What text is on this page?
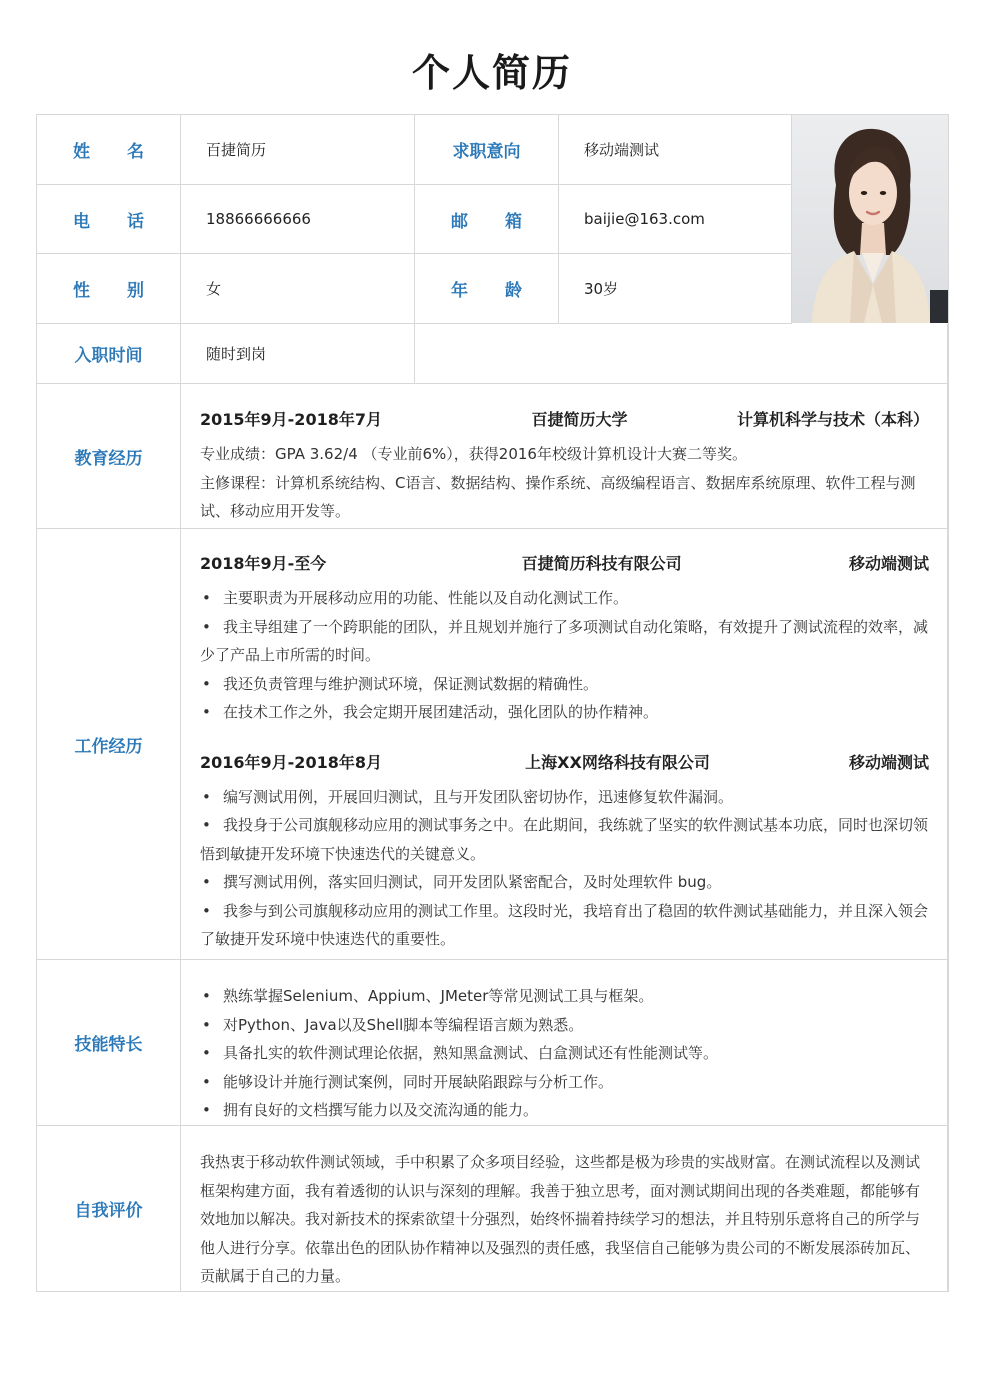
个人简历
姓 名	百捷简历	求职意向	移动端测试
电 话	18866666666	邮 箱	baijie@163.com
性 别	女	年 龄	30岁
入职时间	随时到岗
教育经历
2015年9月-2018年7月	百捷简历大学	计算机科学与技术（本科）

专业成绩：GPA 3.62/4 （专业前6%），获得2016年校级计算机设计大赛二等奖。

主修课程：计算机系统结构、C语言、数据结构、操作系统、高级编程语言、数据库系统原理、软件工程与测试、移动应用开发等。

工作经历
2018年9月-至今	百捷简历科技有限公司	移动端测试
• 主要职责为开展移动应用的功能、性能以及自动化测试工作。
• 我主导组建了一个跨职能的团队，并且规划并施行了多项测试自动化策略，有效提升了测试流程的效率，减少了产品上市所需的时间。
• 我还负责管理与维护测试环境，保证测试数据的精确性。
• 在技术工作之外，我会定期开展团建活动，强化团队的协作精神。
2016年9月-2018年8月	上海XX网络科技有限公司	移动端测试
• 编写测试用例，开展回归测试，且与开发团队密切协作，迅速修复软件漏洞。
• 我投身于公司旗舰移动应用的测试事务之中。在此期间，我练就了坚实的软件测试基本功底，同时也深切领悟到敏捷开发环境下快速迭代的关键意义。
• 撰写测试用例，落实回归测试，同开发团队紧密配合，及时处理软件 bug。
• 我参与到公司旗舰移动应用的测试工作里。这段时光，我培育出了稳固的软件测试基础能力，并且深入领会了敏捷开发环境中快速迭代的重要性。
技能特长
• 熟练掌握Selenium、Appium、JMeter等常见测试工具与框架。
• 对Python、Java以及Shell脚本等编程语言颇为熟悉。
• 具备扎实的软件测试理论依据，熟知黑盒测试、白盒测试还有性能测试等。
• 能够设计并施行测试案例，同时开展缺陷跟踪与分析工作。
• 拥有良好的文档撰写能力以及交流沟通的能力。
自我评价

我热衷于移动软件测试领域，手中积累了众多项目经验，这些都是极为珍贵的实战财富。在测试流程以及测试框架构建方面，我有着透彻的认识与深刻的理解。我善于独立思考，面对测试期间出现的各类难题，都能够有效地加以解决。我对新技术的探索欲望十分强烈，始终怀揣着持续学习的想法，并且特别乐意将自己的所学与他人进行分享。依靠出色的团队协作精神以及强烈的责任感，我坚信自己能够为贵公司的不断发展添砖加瓦、贡献属于自己的力量。
